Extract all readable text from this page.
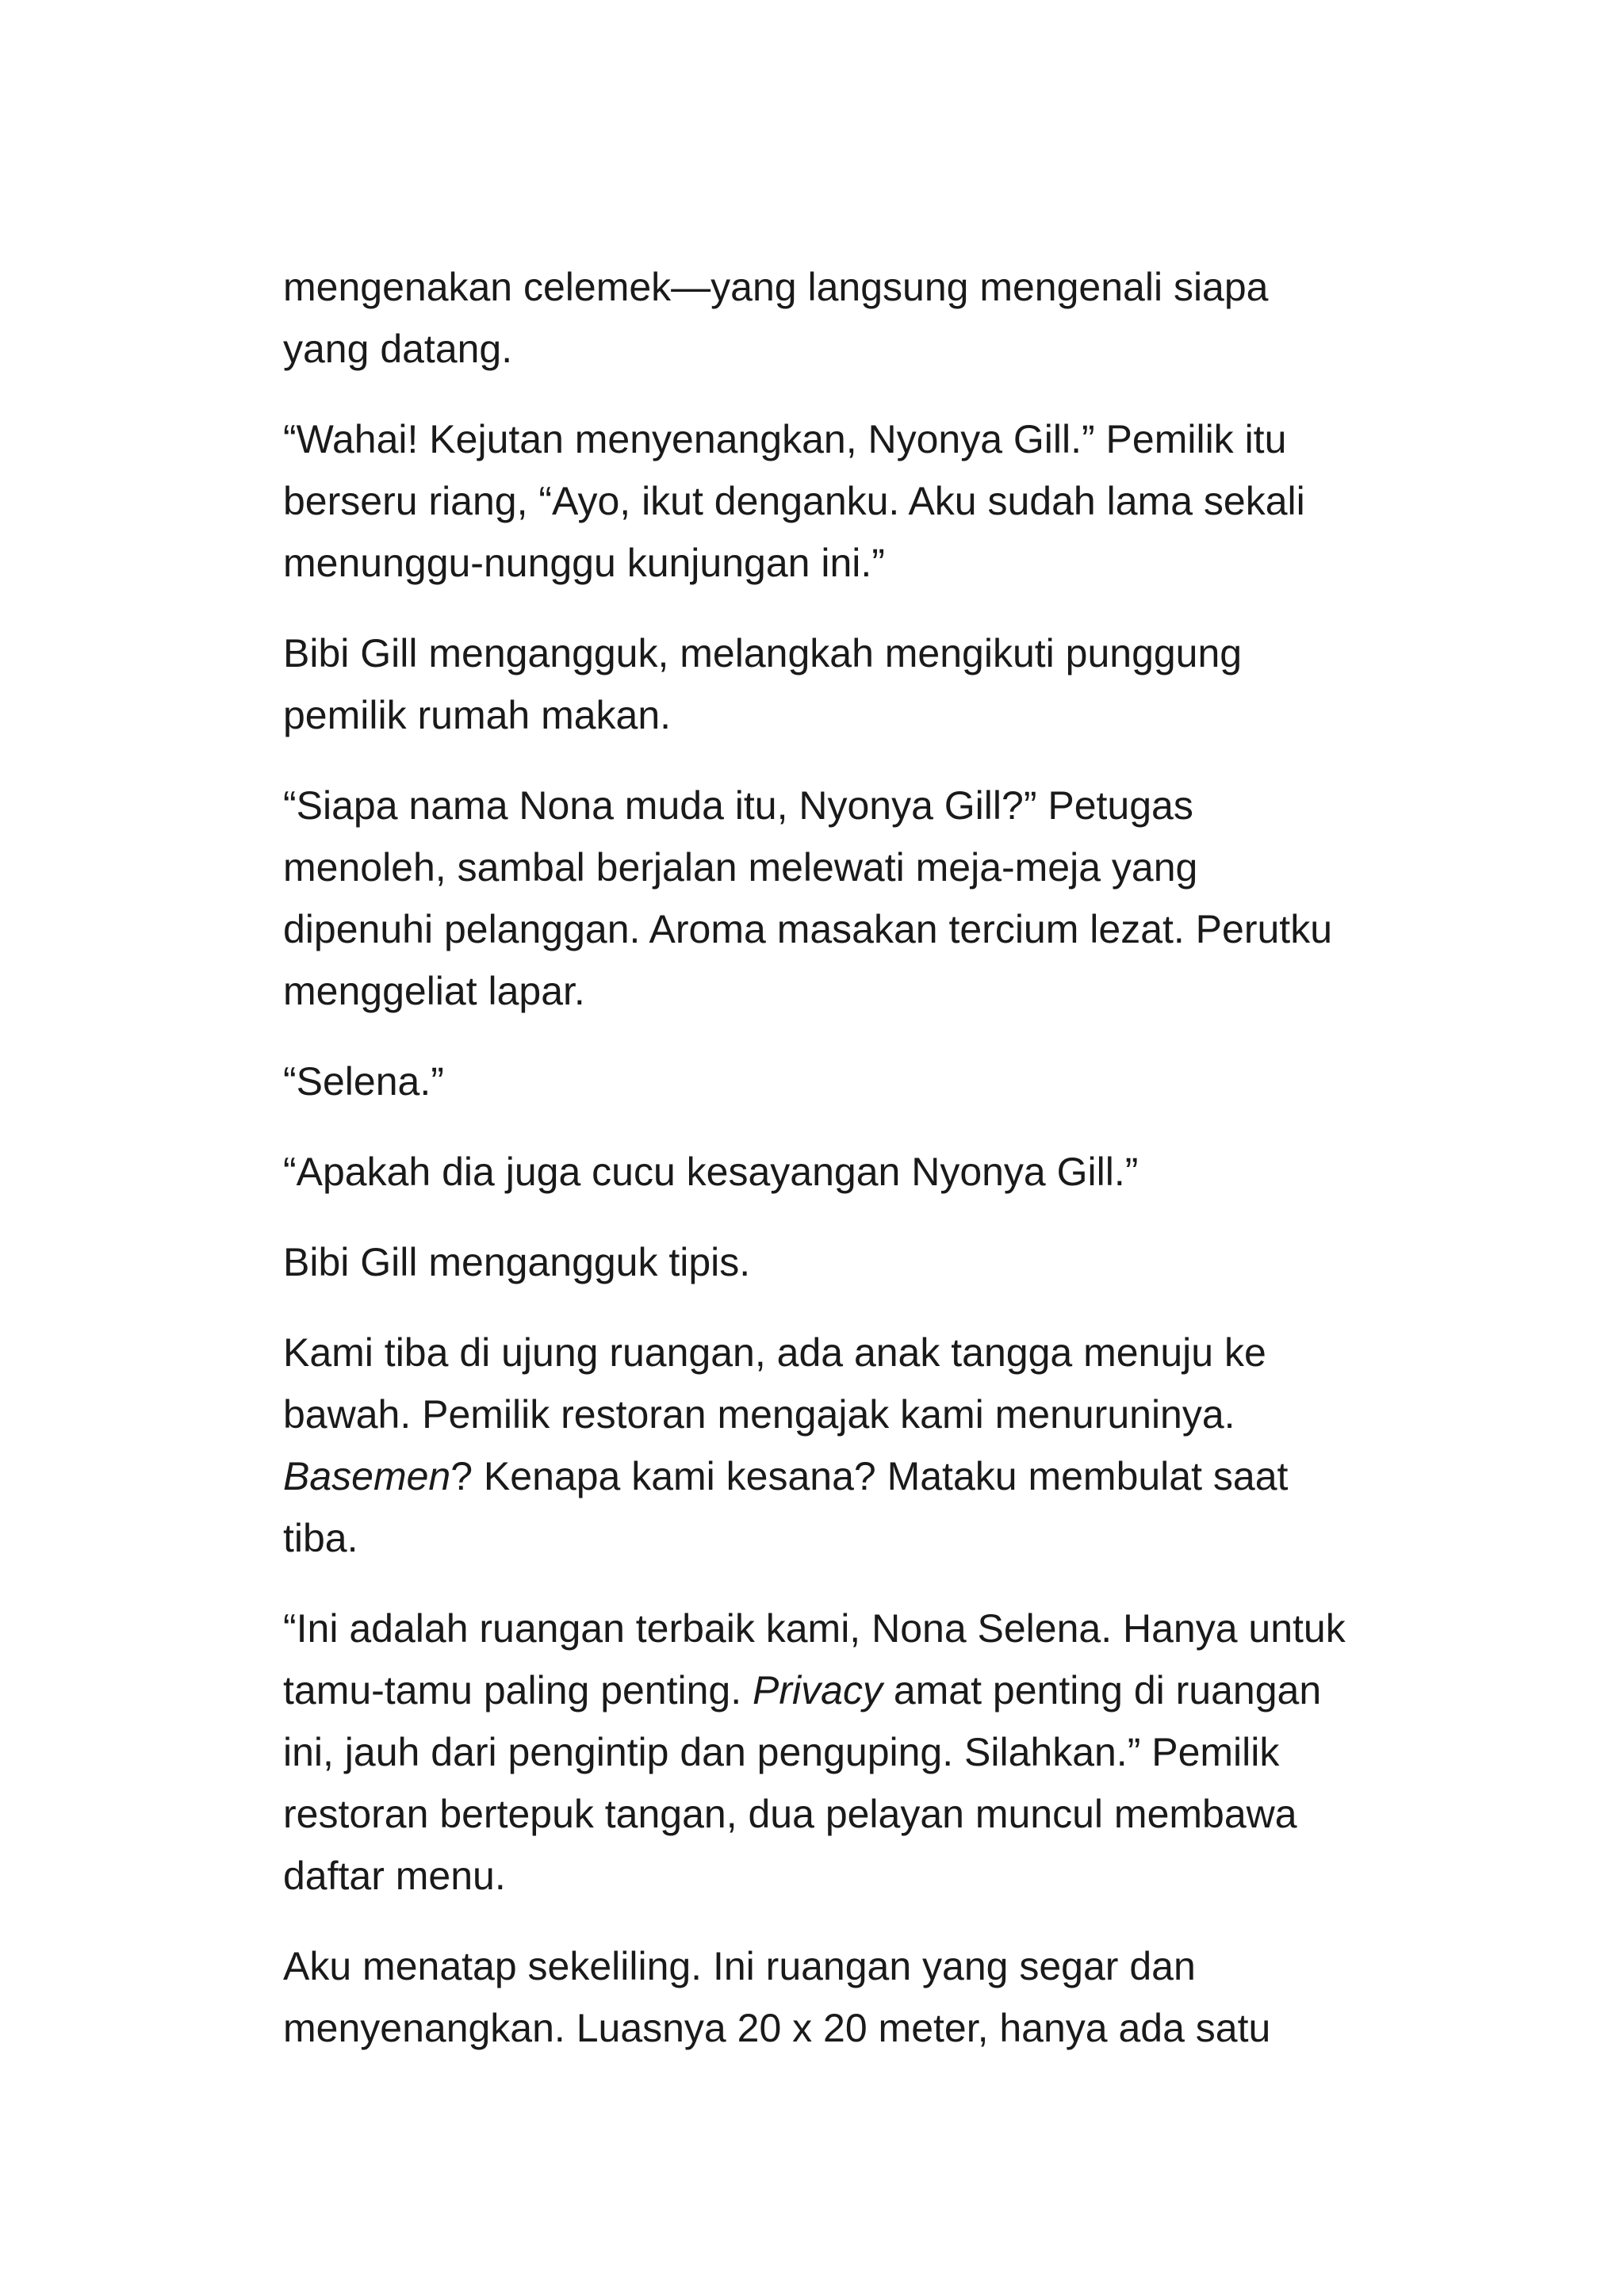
mengenakan celemek—yang langsung mengenali siapa yang datang.

“Wahai! Kejutan menyenangkan, Nyonya Gill.” Pemilik itu berseru riang, “Ayo, ikut denganku. Aku sudah lama sekali menunggu-nunggu kunjungan ini.”

Bibi Gill mengangguk, melangkah mengikuti punggung pemilik rumah makan.

“Siapa nama Nona muda itu, Nyonya Gill?” Petugas menoleh, sambal berjalan melewati meja-meja yang dipenuhi pelanggan. Aroma masakan tercium lezat. Perutku menggeliat lapar.

“Selena.”

“Apakah dia juga cucu kesayangan Nyonya Gill.”

Bibi Gill mengangguk tipis.

Kami tiba di ujung ruangan, ada anak tangga menuju ke bawah. Pemilik restoran mengajak kami menuruninya. Basemen? Kenapa kami kesana? Mataku membulat saat tiba.

“Ini adalah ruangan terbaik kami, Nona Selena. Hanya untuk tamu-tamu paling penting. Privacy amat penting di ruangan ini, jauh dari pengintip dan penguping. Silahkan.” Pemilik restoran bertepuk tangan, dua pelayan muncul membawa daftar menu.

Aku menatap sekeliling. Ini ruangan yang segar dan menyenangkan. Luasnya 20 x 20 meter, hanya ada satu
